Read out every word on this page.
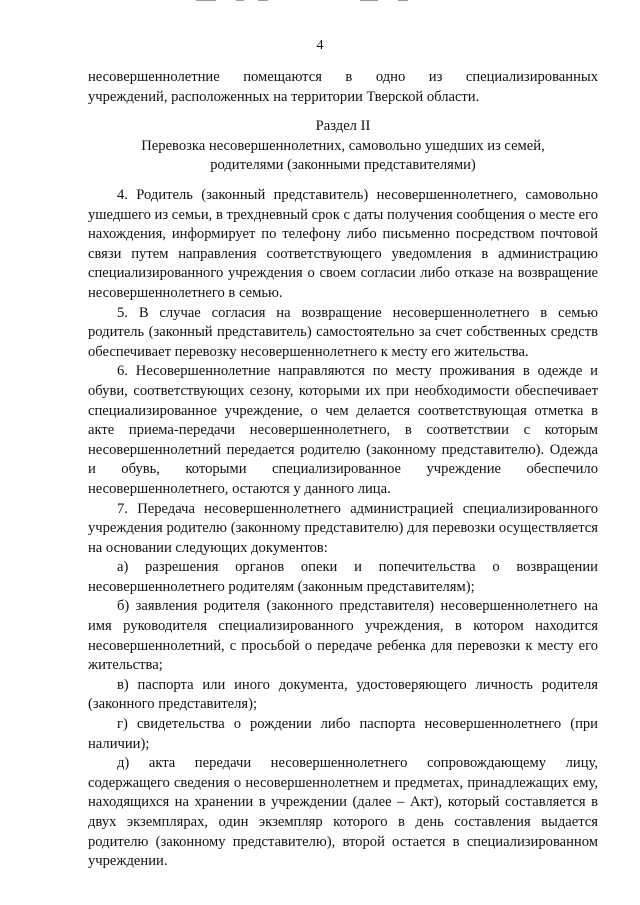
4

несовершеннолетние помещаются в одно из специализированных

учреждений, расположенных на территории Тверской области.

Раздел II

Перевозка несовершеннолетних, самовольно ушедших из семей,

родителями (законными представителями)

4. Родитель (законный представитель) несовершеннолетнего, самовольно ушедшего из семьи, в трехдневный срок с даты получения сообщения о месте его нахождения, информирует по телефону либо письменно посредством почтовой связи путем направления соответствующего уведомления в администрацию специализированного учреждения о своем согласии либо отказе на возвращение несовершеннолетнего в семью.

5. В случае согласия на возвращение несовершеннолетнего в семью родитель (законный представитель) самостоятельно за счет собственных средств обеспечивает перевозку несовершеннолетнего к месту его жительства.

6. Несовершеннолетние направляются по месту проживания в одежде и обуви, соответствующих сезону, которыми их при необходимости обеспечивает специализированное учреждение, о чем делается соответствующая отметка в акте приема-передачи несовершеннолетнего, в соответствии с которым несовершеннолетний передается родителю (законному представителю). Одежда и обувь, которыми специализированное учреждение обеспечило несовершеннолетнего, остаются у данного лица.

7. Передача несовершеннолетнего администрацией специализированного учреждения родителю (законному представителю) для перевозки осуществляется на основании следующих документов:

а) разрешения органов опеки и попечительства о возвращении несовершеннолетнего родителям (законным представителям);

б) заявления родителя (законного представителя) несовершеннолетнего на имя руководителя специализированного учреждения, в котором находится несовершеннолетний, с просьбой о передаче ребенка для перевозки к месту его жительства;

в) паспорта или иного документа, удостоверяющего личность родителя (законного представителя);

г) свидетельства о рождении либо паспорта несовершеннолетнего (при наличии);

д) акта передачи несовершеннолетнего сопровождающему лицу, содержащего сведения о несовершеннолетнем и предметах, принадлежащих ему, находящихся на хранении в учреждении (далее – Акт), который составляется в двух экземплярах, один экземпляр которого в день составления выдается родителю (законному представителю), второй остается в специализированном учреждении.
